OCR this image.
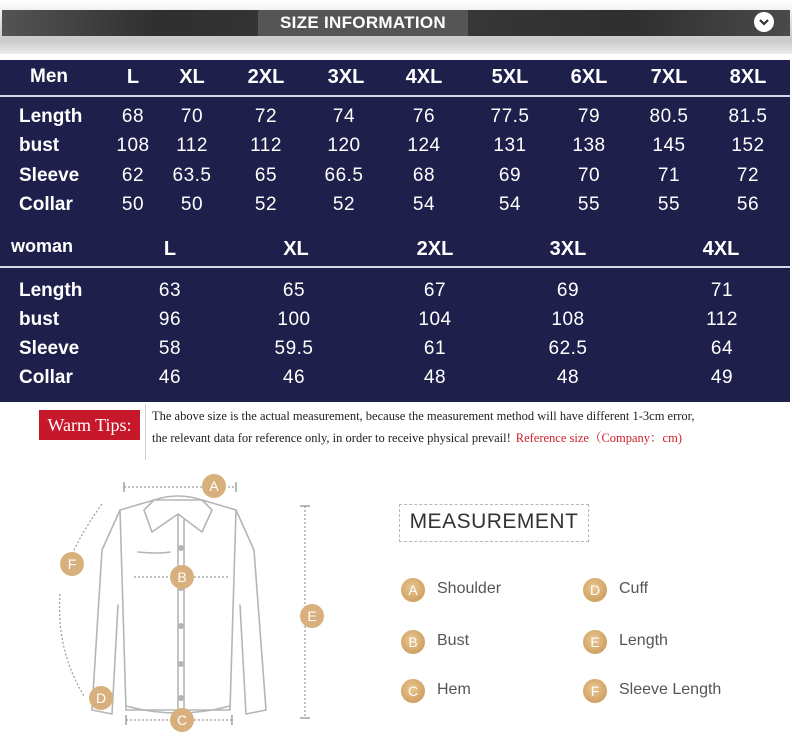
SIZE INFORMATION
Men	L XL 2XL 3XL 4XL 5XL 6XL 7XL 8XL
Length 68 70	72	74	76	77.5	79	80.5 81.5
bust	108 112 112 120 124	131 138 145 152
Sleeve 62 63.5 65 66.5	68	69	70	71	72
Collar	50 50	52	52	54	54	55	55	56
woman	L	XL	2XL	3XL	4XL
Length	63	65	67	69	71
bust	96	100	104	108	112
Sleeve	58	59.5	61	62.5	64
Collar	46	46	48	48	49
Warm Tips:	The above size is the actual measurement, because the measurement method will have different 1-3cm error,
the relevant data for reference only, in order to receive physical prevail! Reference size（Company：cm)
A
B
C
D
E
F
MEASUREMENT
A	Shoulder	D	Cuff
B	Bust	E	Length
C	Hem	F	Sleeve Length
